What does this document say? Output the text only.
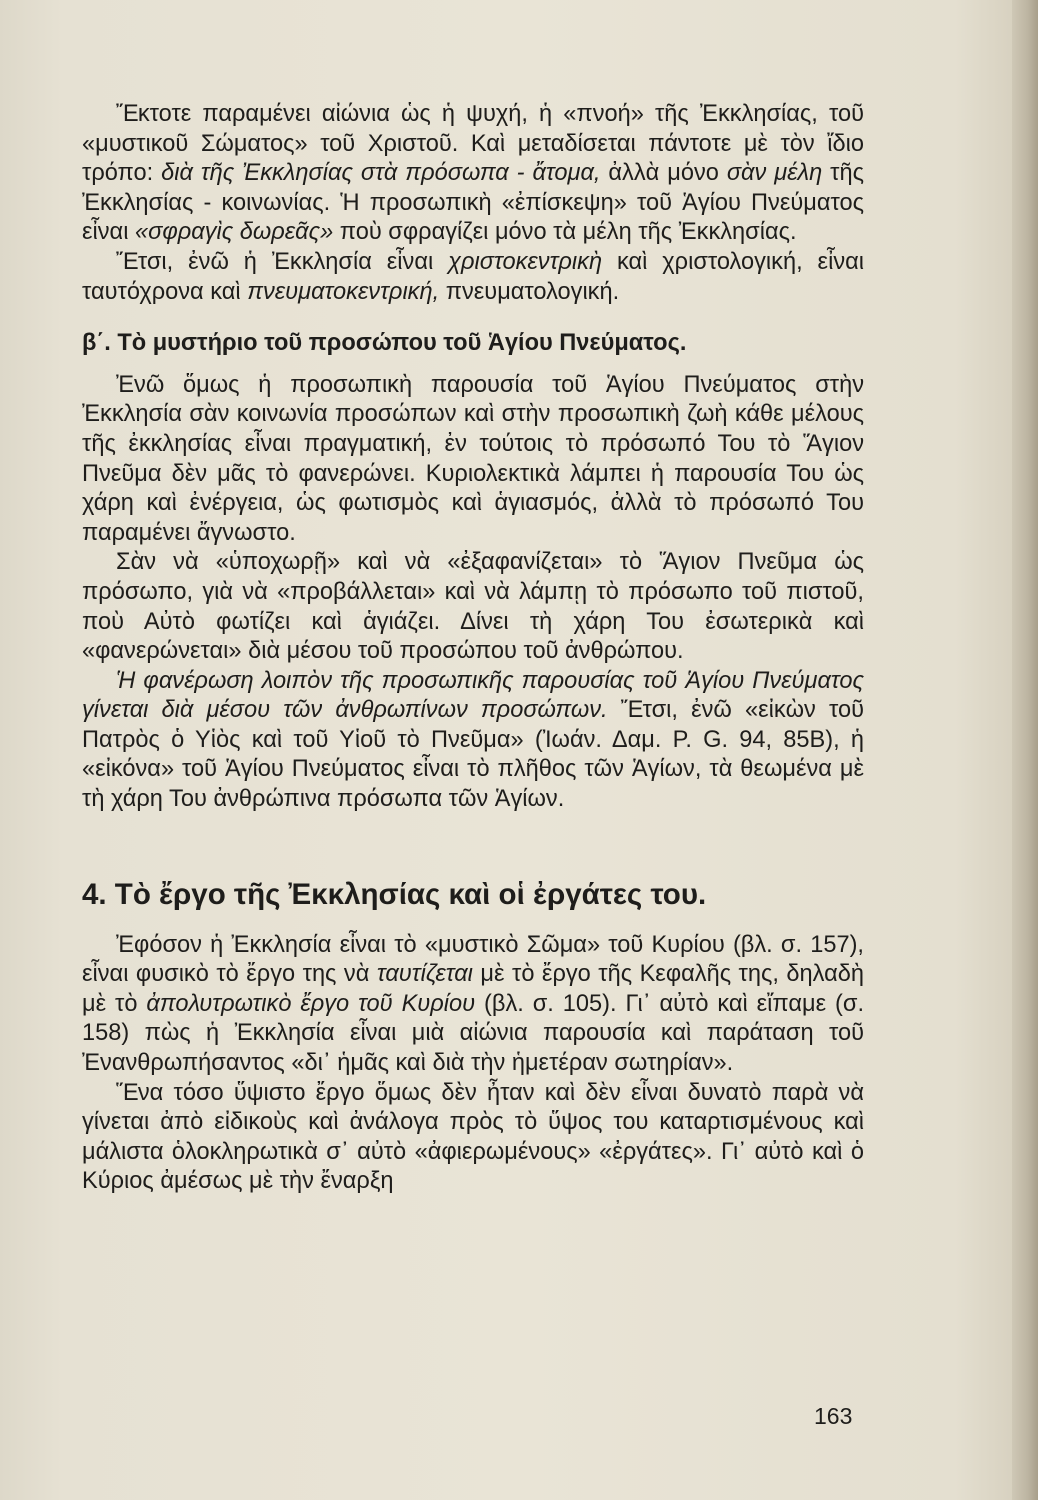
Ἔκτοτε παραμένει αἰώνια ὡς ἡ ψυχή, ἡ «πνοή» τῆς Ἐκκλησίας, τοῦ «μυστικοῦ Σώματος» τοῦ Χριστοῦ. Καὶ μεταδίσεται πάντοτε μὲ τὸν ἴδιο τρόπο: διὰ τῆς Ἐκκλησίας στὰ πρόσωπα - ἄτομα, ἀλλὰ μόνο σὰν μέλη τῆς Ἐκκλησίας - κοινωνίας. Ἡ προσωπικὴ «ἐπίσκεψη» τοῦ Ἁγίου Πνεύματος εἶναι «σφραγὶς δωρεᾶς» ποὺ σφραγίζει μόνο τὰ μέλη τῆς Ἐκκλησίας.

Ἔτσι, ἐνῶ ἡ Ἐκκλησία εἶναι χριστοκεντρικὴ καὶ χριστολογική, εἶναι ταυτόχρονα καὶ πνευματοκεντρική, πνευματολογική.

β΄. Τὸ μυστήριο τοῦ προσώπου τοῦ Ἁγίου Πνεύματος.

Ἐνῶ ὅμως ἡ προσωπικὴ παρουσία τοῦ Ἁγίου Πνεύματος στὴν Ἐκκλησία σὰν κοινωνία προσώπων καὶ στὴν προσωπικὴ ζωὴ κάθε μέλους τῆς ἐκκλησίας εἶναι πραγματική, ἐν τούτοις τὸ πρόσωπό Του τὸ Ἅγιον Πνεῦμα δὲν μᾶς τὸ φανερώνει. Κυριολεκτικὰ λάμπει ἡ παρουσία Του ὡς χάρη καὶ ἐνέργεια, ὡς φωτισμὸς καὶ ἁγιασμός, ἀλλὰ τὸ πρόσωπό Του παραμένει ἄγνωστο.

Σὰν νὰ «ὑποχωρῇ» καὶ νὰ «ἐξαφανίζεται» τὸ Ἅγιον Πνεῦμα ὡς πρόσωπο, γιὰ νὰ «προβάλλεται» καὶ νὰ λάμπῃ τὸ πρόσωπο τοῦ πιστοῦ, ποὺ Αὐτὸ φωτίζει καὶ ἁγιάζει. Δίνει τὴ χάρη Του ἐσωτερικὰ καὶ «φανερώνεται» διὰ μέσου τοῦ προσώπου τοῦ ἀνθρώπου.

Ἡ φανέρωση λοιπὸν τῆς προσωπικῆς παρουσίας τοῦ Ἁγίου Πνεύματος γίνεται διὰ μέσου τῶν ἀνθρωπίνων προσώπων. Ἔτσι, ἐνῶ «εἰκὼν τοῦ Πατρὸς ὁ Υἱὸς καὶ τοῦ Υἱοῦ τὸ Πνεῦμα» (Ἰωάν. Δαμ. P. G. 94, 85B), ἡ «εἰκόνα» τοῦ Ἁγίου Πνεύματος εἶναι τὸ πλῆθος τῶν Ἁγίων, τὰ θεωμένα μὲ τὴ χάρη Του ἀνθρώπινα πρόσωπα τῶν Ἁγίων.

4. Τὸ ἔργο τῆς Ἐκκλησίας καὶ οἱ ἐργάτες του.

Ἐφόσον ἡ Ἐκκλησία εἶναι τὸ «μυστικὸ Σῶμα» τοῦ Κυρίου (βλ. σ. 157), εἶναι φυσικὸ τὸ ἔργο της νὰ ταυτίζεται μὲ τὸ ἔργο τῆς Κεφαλῆς της, δηλαδὴ μὲ τὸ ἀπολυτρωτικὸ ἔργο τοῦ Κυρίου (βλ. σ. 105). Γι᾽ αὐτὸ καὶ εἴπαμε (σ. 158) πὼς ἡ Ἐκκλησία εἶναι μιὰ αἰώνια παρουσία καὶ παράταση τοῦ Ἐνανθρωπήσαντος «δι᾽ ἡμᾶς καὶ διὰ τὴν ἡμετέραν σωτηρίαν».

Ἕνα τόσο ὕψιστο ἔργο ὅμως δὲν ἦταν καὶ δὲν εἶναι δυνατὸ παρὰ νὰ γίνεται ἀπὸ εἰδικοὺς καὶ ἀνάλογα πρὸς τὸ ὕψος του καταρτισμένους καὶ μάλιστα ὁλοκληρωτικὰ σ᾽ αὐτὸ «ἀφιερωμένους» «ἐργάτες». Γι᾽ αὐτὸ καὶ ὁ Κύριος ἀμέσως μὲ τὴν ἔναρξη

163
